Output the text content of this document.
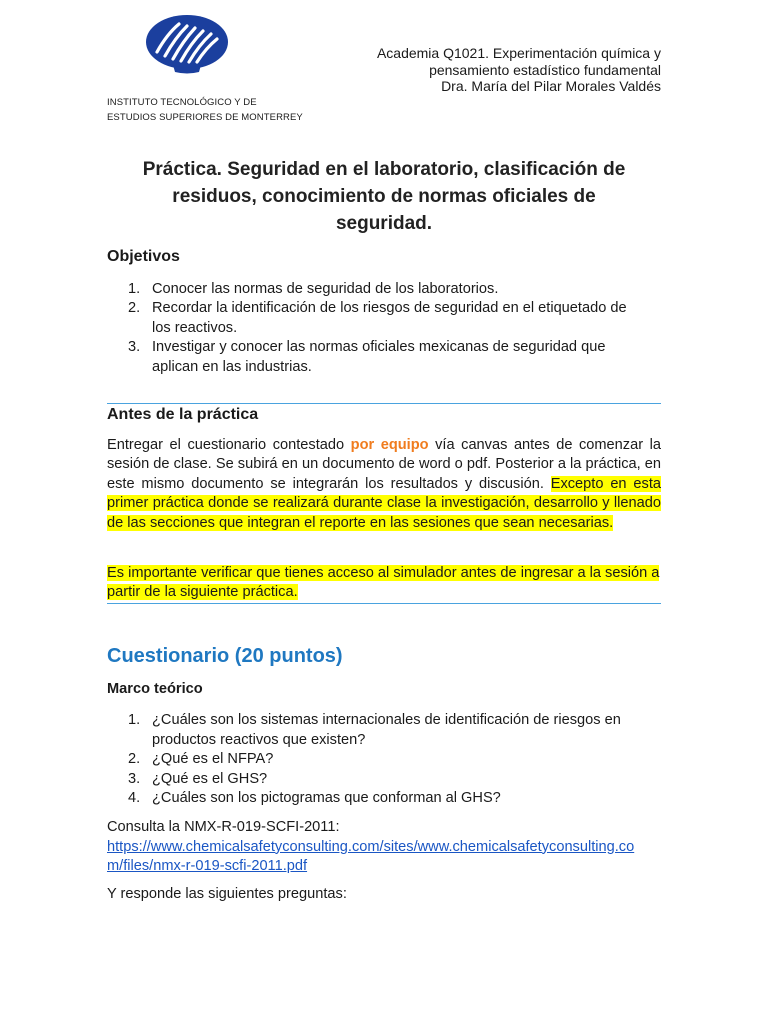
INSTITUTO TECNOLÓGICO Y DE
ESTUDIOS SUPERIORES DE MONTERREY
Academia Q1021. Experimentación química y
pensamiento estadístico fundamental
Dra. María del Pilar Morales Valdés
Práctica. Seguridad en el laboratorio, clasificación de
residuos, conocimiento de normas oficiales de
seguridad.
Objetivos
1. Conocer las normas de seguridad de los laboratorios.
2. Recordar la identificación de los riesgos de seguridad en el etiquetado de
los reactivos.
3. Investigar y conocer las normas oficiales mexicanas de seguridad que
aplican en las industrias.
Antes de la práctica
Entregar el cuestionario contestado por equipo vía canvas antes de comenzar la sesión de clase. Se subirá en un documento de word o pdf. Posterior a la práctica, en este mismo documento se integrarán los resultados y discusión. Excepto en esta primer práctica donde se realizará durante clase la investigación, desarrollo y llenado de las secciones que integran el reporte en las sesiones que sean necesarias.
Es importante verificar que tienes acceso al simulador antes de ingresar a la sesión a partir de la siguiente práctica.
Cuestionario (20 puntos)
Marco teórico
1. ¿Cuáles son los sistemas internacionales de identificación de riesgos en
productos reactivos que existen?
2. ¿Qué es el NFPA?
3. ¿Qué es el GHS?
4. ¿Cuáles son los pictogramas que conforman al GHS?
Consulta la NMX-R-019-SCFI-2011:
https://www.chemicalsafetyconsulting.com/sites/www.chemicalsafetyconsulting.co
m/files/nmx-r-019-scfi-2011.pdf
Y responde las siguientes preguntas:
